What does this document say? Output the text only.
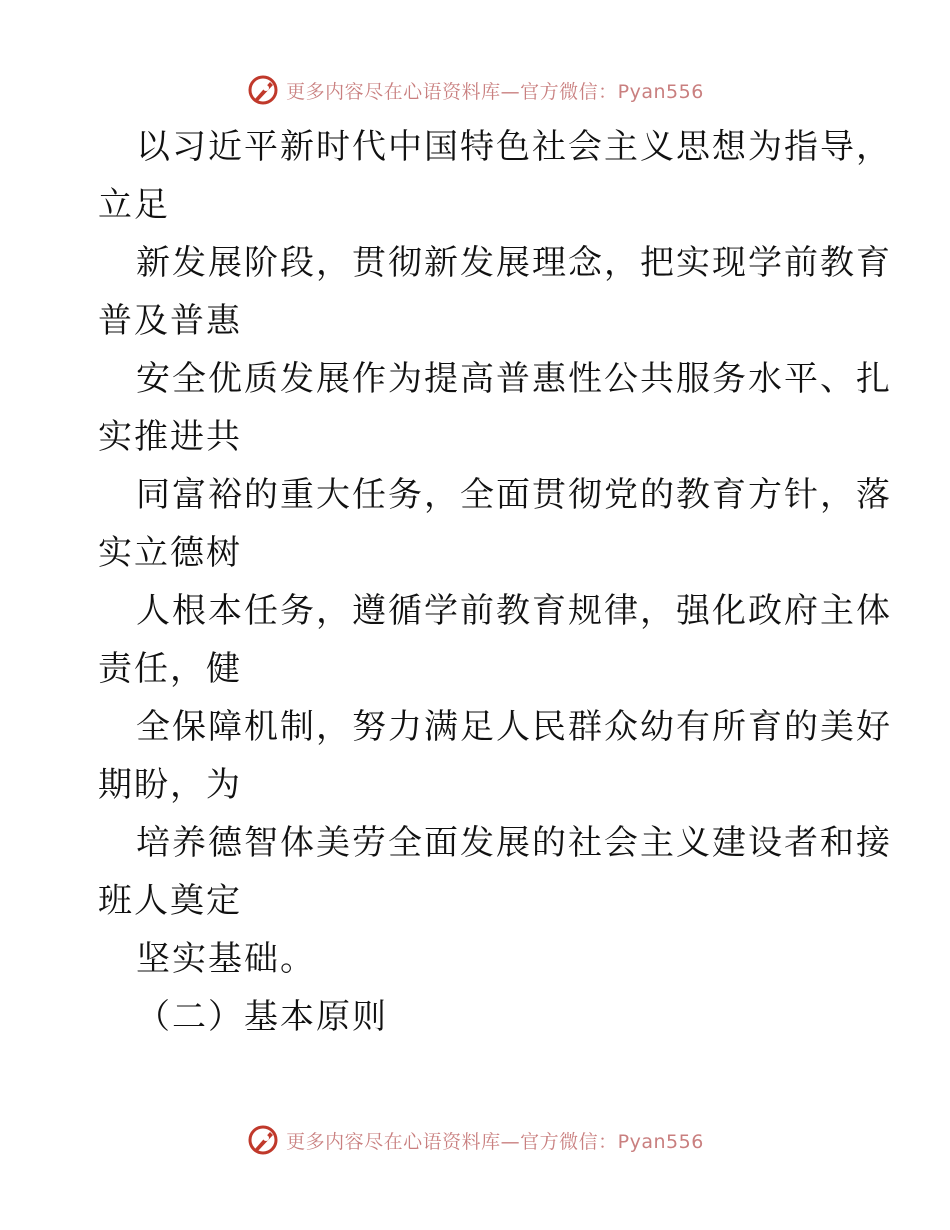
更多内容尽在心语资料库—官方微信：Pyan556
以习近平新时代中国特色社会主义思想为指导，
立足
新发展阶段，贯彻新发展理念，把实现学前教育
普及普惠
安全优质发展作为提高普惠性公共服务水平、扎
实推进共
同富裕的重大任务，全面贯彻党的教育方针，落
实立德树
人根本任务，遵循学前教育规律，强化政府主体
责任，健
全保障机制，努力满足人民群众幼有所育的美好
期盼，为
培养德智体美劳全面发展的社会主义建设者和接
班人奠定
坚实基础。
（二）基本原则
更多内容尽在心语资料库—官方微信：Pyan556
